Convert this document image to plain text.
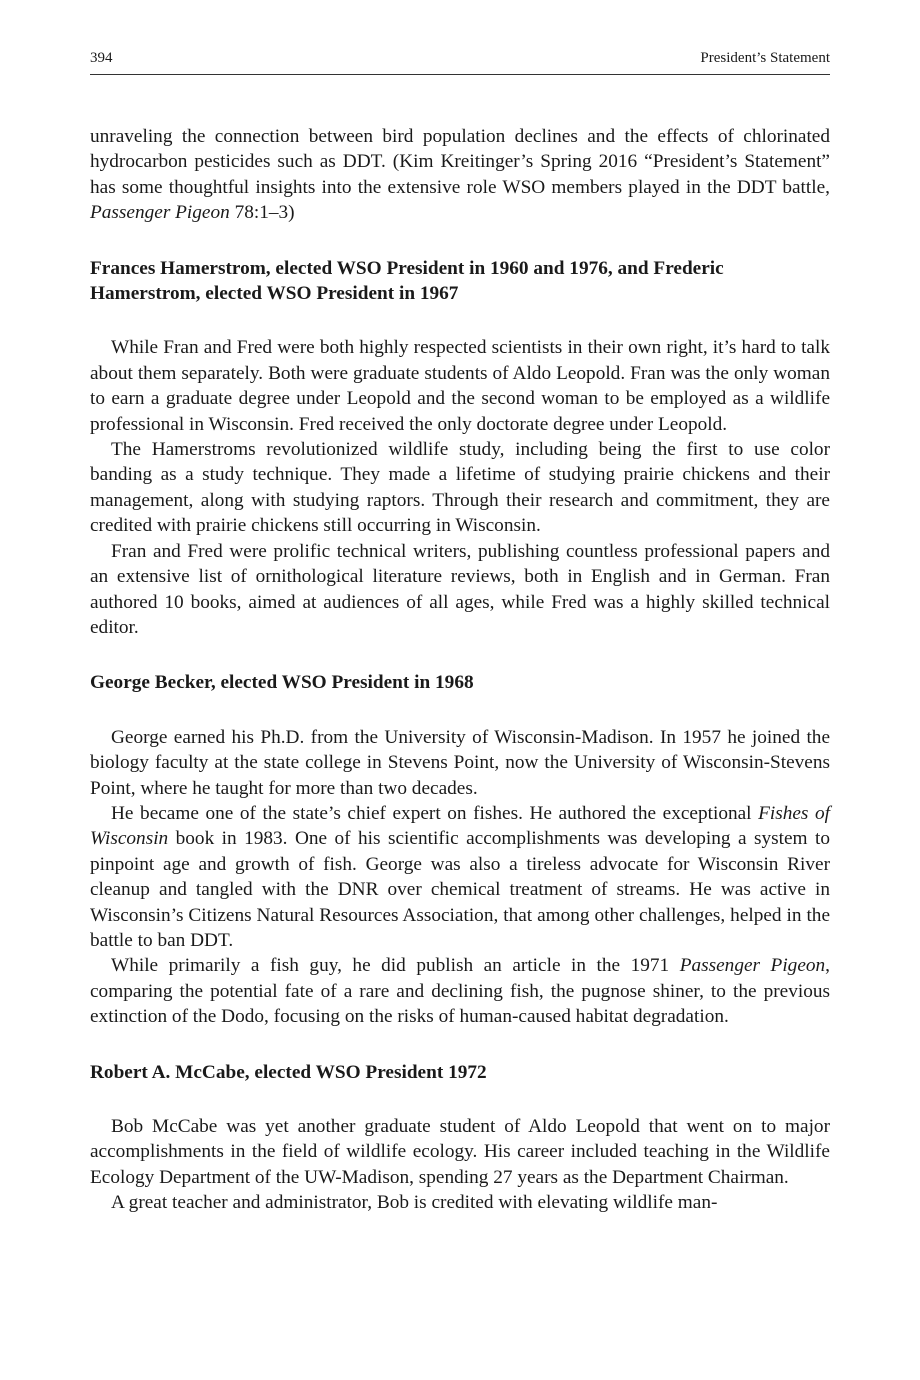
394	President’s Statement

unraveling the connection between bird population declines and the effects of chlorinated hydrocarbon pesticides such as DDT. (Kim Kreitinger’s Spring 2016 “President’s Statement” has some thoughtful insights into the extensive role WSO members played in the DDT battle, Passenger Pigeon 78:1–3)

Frances Hamerstrom, elected WSO President in 1960 and 1976, and Frederic Hamerstrom, elected WSO President in 1967

While Fran and Fred were both highly respected scientists in their own right, it’s hard to talk about them separately. Both were graduate students of Aldo Leopold. Fran was the only woman to earn a graduate degree under Leopold and the second woman to be employed as a wildlife professional in Wisconsin. Fred received the only doctorate degree under Leopold.

The Hamerstroms revolutionized wildlife study, including being the first to use color banding as a study technique. They made a lifetime of studying prairie chickens and their management, along with studying raptors. Through their research and commitment, they are credited with prairie chickens still occurring in Wisconsin.

Fran and Fred were prolific technical writers, publishing countless professional papers and an extensive list of ornithological literature reviews, both in English and in German. Fran authored 10 books, aimed at audiences of all ages, while Fred was a highly skilled technical editor.

George Becker, elected WSO President in 1968

George earned his Ph.D. from the University of Wisconsin-Madison. In 1957 he joined the biology faculty at the state college in Stevens Point, now the University of Wisconsin-Stevens Point, where he taught for more than two decades.

He became one of the state’s chief expert on fishes. He authored the exceptional Fishes of Wisconsin book in 1983. One of his scientific accomplishments was developing a system to pinpoint age and growth of fish. George was also a tireless advocate for Wisconsin River cleanup and tangled with the DNR over chemical treatment of streams. He was active in Wisconsin’s Citizens Natural Resources Association, that among other challenges, helped in the battle to ban DDT.

While primarily a fish guy, he did publish an article in the 1971 Passenger Pigeon, comparing the potential fate of a rare and declining fish, the pugnose shiner, to the previous extinction of the Dodo, focusing on the risks of human-caused habitat degradation.

Robert A. McCabe, elected WSO President 1972

Bob McCabe was yet another graduate student of Aldo Leopold that went on to major accomplishments in the field of wildlife ecology. His career included teaching in the Wildlife Ecology Department of the UW-Madison, spending 27 years as the Department Chairman.

A great teacher and administrator, Bob is credited with elevating wildlife man-
